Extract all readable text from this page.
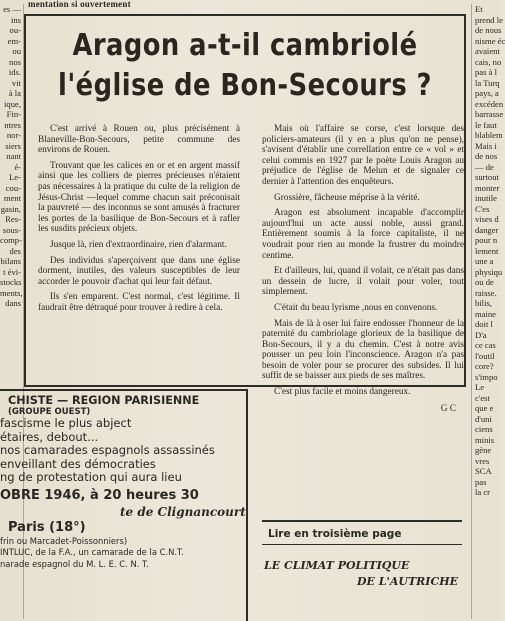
mentation si ouvertement
es —
ins
ou-
em-
ou
nos
ids.
vit
à la
ique,
Fin-
ntres
nor-
siers
nant
é-
Le-
cou-
ment
gasin,
Res-
sous-
comp-
des
bilans
t évi-
stocks
ments,
dans
Et
prend le
de nous
nisme éc
avaient
cais, no
pas à l
la Turq
pays, a
excéden
barrasse
le faut
blablem
Mais i
de nos
— de
surtout
monter
inutile
C'es
vises d
danger
pour n
lement
une a
physiqu
ou de
raisse.
bilis,
maine
doit l
D'a
ce cas
l'outil
core?
s'impo
Le
c'est
que e
d'uni
ciens
minis
gène
vres
SCA
pas
la cr
Aragon a-t-il cambriolé
l'église de Bon-Secours ?

C'est arrivé à Rouen ou, plus précisément à Blaneville-Bon-Secours, petite commune des environs de Rouen.

Trouvant que les calices en or et en argent massif ainsi que les colliers de pierres précieuses n'étaient pas nécessaires à la pratique du culte de la religion de Jésus-Christ —lequel comme chacun sait préconisait la pauvreté — des inconnus se sont amusés à fracturer les portes de la basilique de Bon-Secours et à rafler les susdits précieux objets.

Jusque là, rien d'extraordinaire, rien d'alarmant.

Des individus s'aperçoivent que dans une église dorment, inutiles, des valeurs susceptibles de leur accorder le pouvoir d'achat qui leur fait défaut.

Ils s'en emparent. C'est normal, c'est légitime. Il faudrait être détraqué pour trouver à redire à cela.

Mais où l'affaire se corse, c'est lorsque des policiers-amateurs (il y en a plus qu'on ne pense), s'avisent d'établir une correllation entre ce « vol » et celui commis en 1927 par le poète Louis Aragon au préjudice de l'église de Melun et de signaler ce dernier à l'attention des enquêteurs.

Grossière, fâcheuse méprise à la vérité.

Aragon est absolument incapable d'accomplir aujourd'hui un acte aussi noble, aussi grand. Entièrement soumis à la force capitaliste, il ne voudrait pour rien au monde la frustrer du moindre centime.

Et d'ailleurs, lui, quand il volait, ce n'était pas dans un dessein de lucre, il volait pour voler, tout simplement.

C'était du beau lyrisme ,nous en convenons.

Mais de là à oser lui faire endosser l'honneur de la paternité du cambriolage glorieux de la basilique de Bon-Secours, il y a du chemin. C'est à notre avis pousser un peu loin l'inconscience. Aragon n'a pas besoin de voler pour se procurer des subsides. Il lui suffit de se baisser aux pieds de ses maîtres.

C'est plus facile et moins dangereux.

G C
CHISTE — REGION PARISIENNE
(GROUPE OUEST)
fascisme le plus abject
étaires, debout...
nos camarades espagnols assassinés
enveillant des démocraties
ng de protestation qui aura lieu
OBRE 1946, à 20 heures 30
te de Clignancourt
Paris (18°)
frin ou Marcadet-Poissonniers)
INTLUC, de la F.A., un camarade de la C.N.T.
narade espagnol du M. L. E. C. N. T.
Lire en troisième page
LE CLIMAT POLITIQUE
DE L'AUTRICHE
